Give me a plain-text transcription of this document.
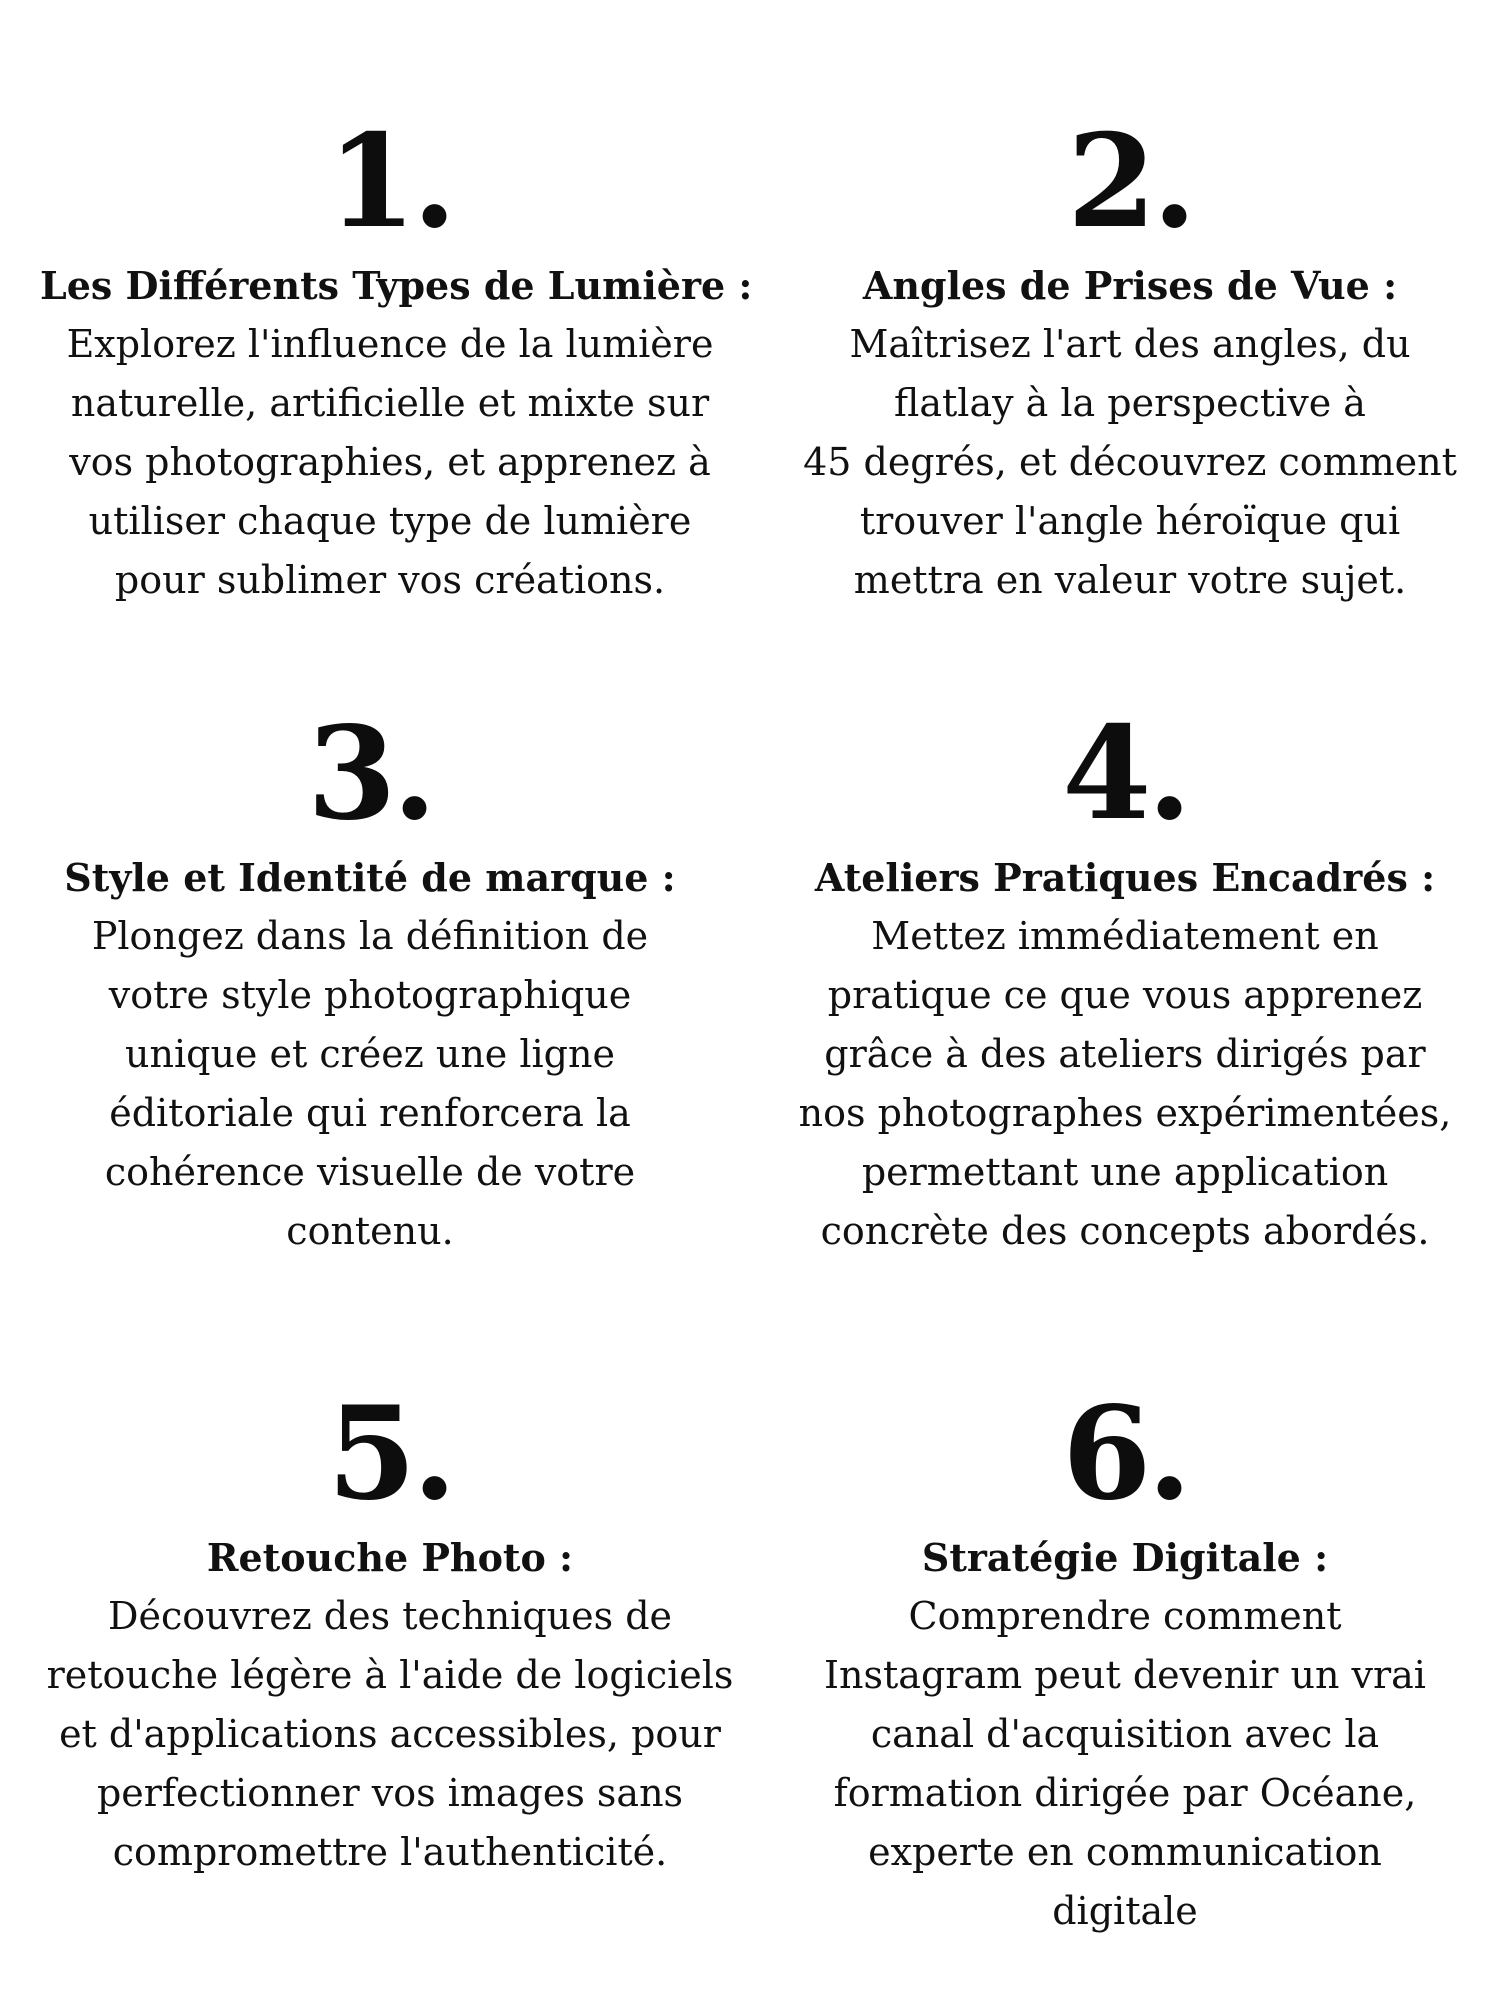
1.
Les Différents Types de Lumière :
Explorez l'influence de la lumière
naturelle, artificielle et mixte sur
vos photographies, et apprenez à
utiliser chaque type de lumière
pour sublimer vos créations.
2.
Angles de Prises de Vue :
Maîtrisez l'art des angles, du
flatlay à la perspective à
45 degrés, et découvrez comment
trouver l'angle héroïque qui
mettra en valeur votre sujet.
3.
Style et Identité de marque :
Plongez dans la définition de
votre style photographique
unique et créez une ligne
éditoriale qui renforcera la
cohérence visuelle de votre
contenu.
4.
Ateliers Pratiques Encadrés :
Mettez immédiatement en
pratique ce que vous apprenez
grâce à des ateliers dirigés par
nos photographes expérimentées,
permettant une application
concrète des concepts abordés.
5.
Retouche Photo :
Découvrez des techniques de
retouche légère à l'aide de logiciels
et d'applications accessibles, pour
perfectionner vos images sans
compromettre l'authenticité.
6.
Stratégie Digitale :
Comprendre comment
Instagram peut devenir un vrai
canal d'acquisition avec la
formation dirigée par Océane,
experte en communication
digitale
